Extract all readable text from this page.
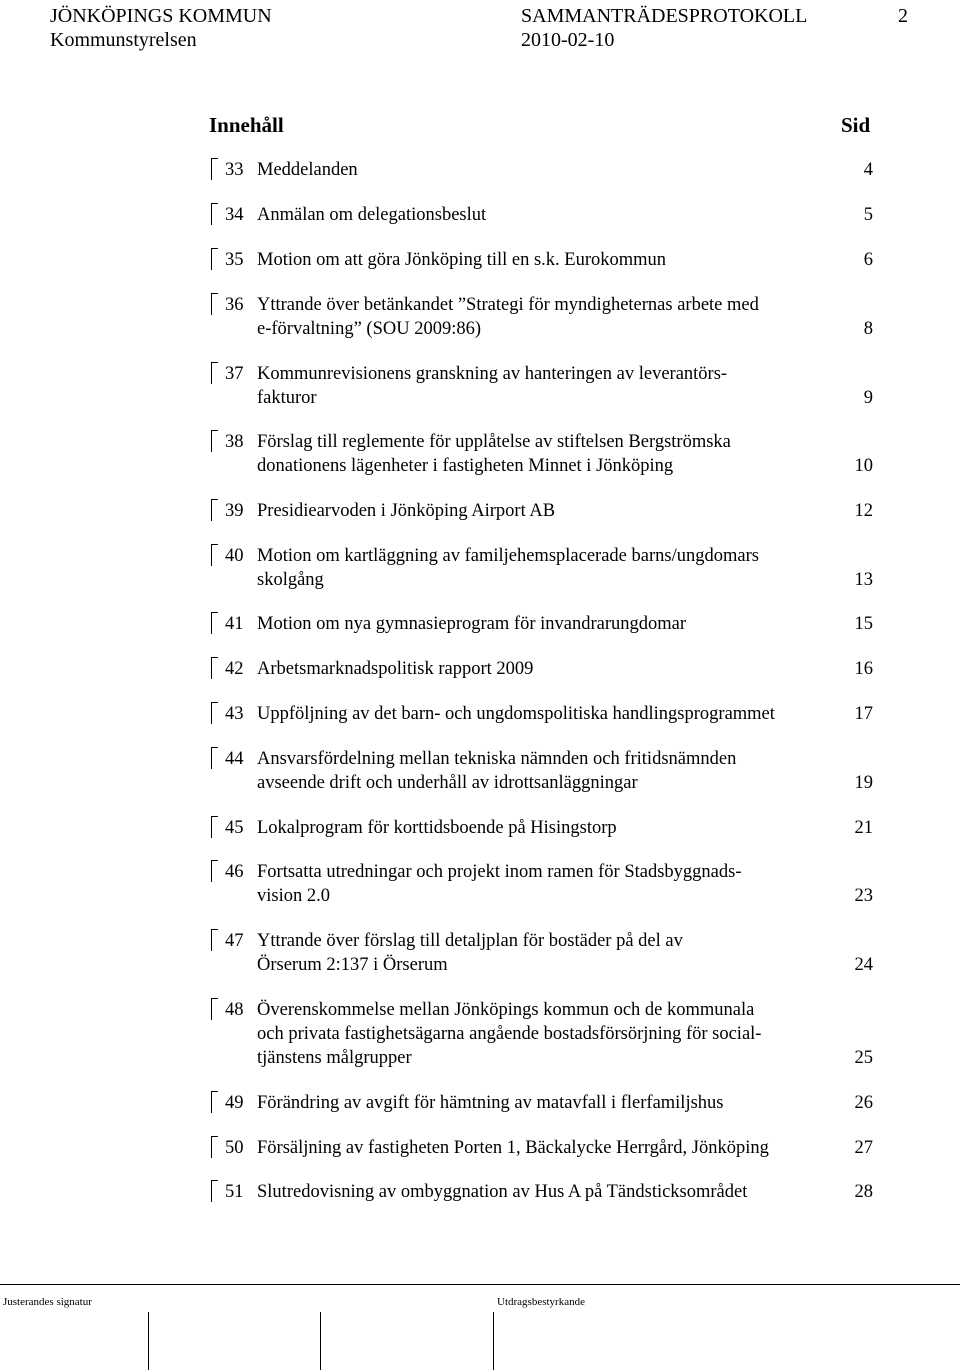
JÖNKÖPINGS KOMMUN
Kommunstyrelsen
SAMMANTRÄDESPROTOKOLL
2010-02-10
2
Innehåll	Sid
33 Meddelanden	4
34 Anmälan om delegationsbeslut	5
35 Motion om att göra Jönköping till en s.k. Eurokommun	6
36 Yttrande över betänkandet ”Strategi för myndigheternas arbete med
e-förvaltning” (SOU 2009:86)	8
37 Kommunrevisionens granskning av hanteringen av leverantörs-
fakturor	9
38 Förslag till reglemente för upplåtelse av stiftelsen Bergströmska
donationens lägenheter i fastigheten Minnet i Jönköping	10
39 Presidiearvoden i Jönköping Airport AB	12
40 Motion om kartläggning av familjehemsplacerade barns/ungdomars
skolgång	13
41 Motion om nya gymnasieprogram för invandrarungdomar	15
42 Arbetsmarknadspolitisk rapport 2009	16
43 Uppföljning av det barn- och ungdomspolitiska handlingsprogrammet	17
44 Ansvarsfördelning mellan tekniska nämnden och fritidsnämnden
avseende drift och underhåll av idrottsanläggningar	19
45 Lokalprogram för korttidsboende på Hisingstorp	21
46 Fortsatta utredningar och projekt inom ramen för Stadsbyggnads-
vision 2.0	23
47 Yttrande över förslag till detaljplan för bostäder på del av
Örserum 2:137 i Örserum	24
48 Överenskommelse mellan Jönköpings kommun och de kommunala
och privata fastighetsägarna angående bostadsförsörjning för social-
tjänstens målgrupper	25
49 Förändring av avgift för hämtning av matavfall i flerfamiljshus	26
50 Försäljning av fastigheten Porten 1, Bäckalycke Herrgård, Jönköping	27
51 Slutredovisning av ombyggnation av Hus A på Tändsticksområdet	28
Justerandes signatur	Utdragsbestyrkande
